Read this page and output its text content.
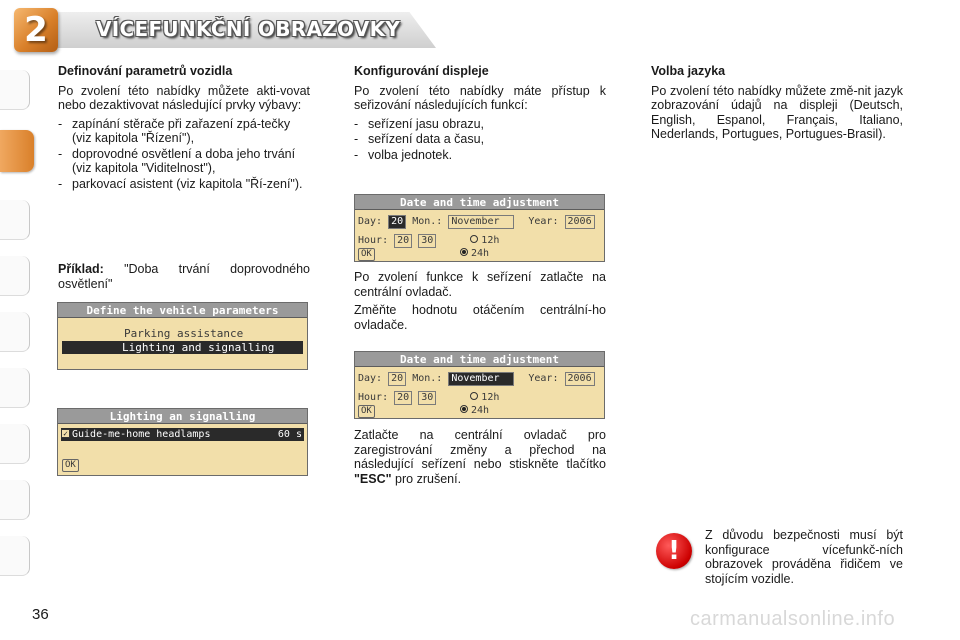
2	VÍCEFUNKČNÍ OBRAZOVKY
Definování parametrů vozidla

Po zvolení této nabídky můžete akti-vovat nebo dezaktivovat následující prvky výbavy:

- zapínání stěrače při zařazení zpá-tečky (viz kapitola "Řízení"),
- doprovodné osvětlení a doba jeho trvání (viz kapitola "Viditelnost"),
- parkovací asistent (viz kapitola "Ří-zení").

Příklad: "Doba trvání doprovodného osvětlení"

Define the vehicle parameters
Parking assistance
Lighting and signalling
Lighting an signalling
✓ Guide-me-home headlamps	60 s
OK
Konfigurování displeje

Po zvolení této nabídky máte přístup k seřizování následujících funkcí:

- seřízení jasu obrazu,
- seřízení data a času,
- volba jednotek.
Date and time adjustment
Day: 20 Mon.: November	Year: 2006
Hour: 20 30	12h
OK	24h

Po zvolení funkce k seřízení zatlačte na centrální ovladač.

Změňte hodnotu otáčením centrální-ho ovladače.

Date and time adjustment
Day: 20 Mon.: November	Year: 2006
Hour: 20 30	12h
OK	24h

Zatlačte na centrální ovladač pro zaregistrování změny a přechod na následující seřízení nebo stiskněte tlačítko "ESC" pro zrušení.

Volba jazyka

Po zvolení této nabídky můžete změ-nit jazyk zobrazování údajů na displeji (Deutsch, English, Espanol, Français, Italiano, Nederlands, Portugues, Portugues-Brasil).

!

Z důvodu bezpečnosti musí být konfigurace vícefunkč-ních obrazovek prováděna řidičem ve stojícím vozidle.

36	carmanualsonline.info
